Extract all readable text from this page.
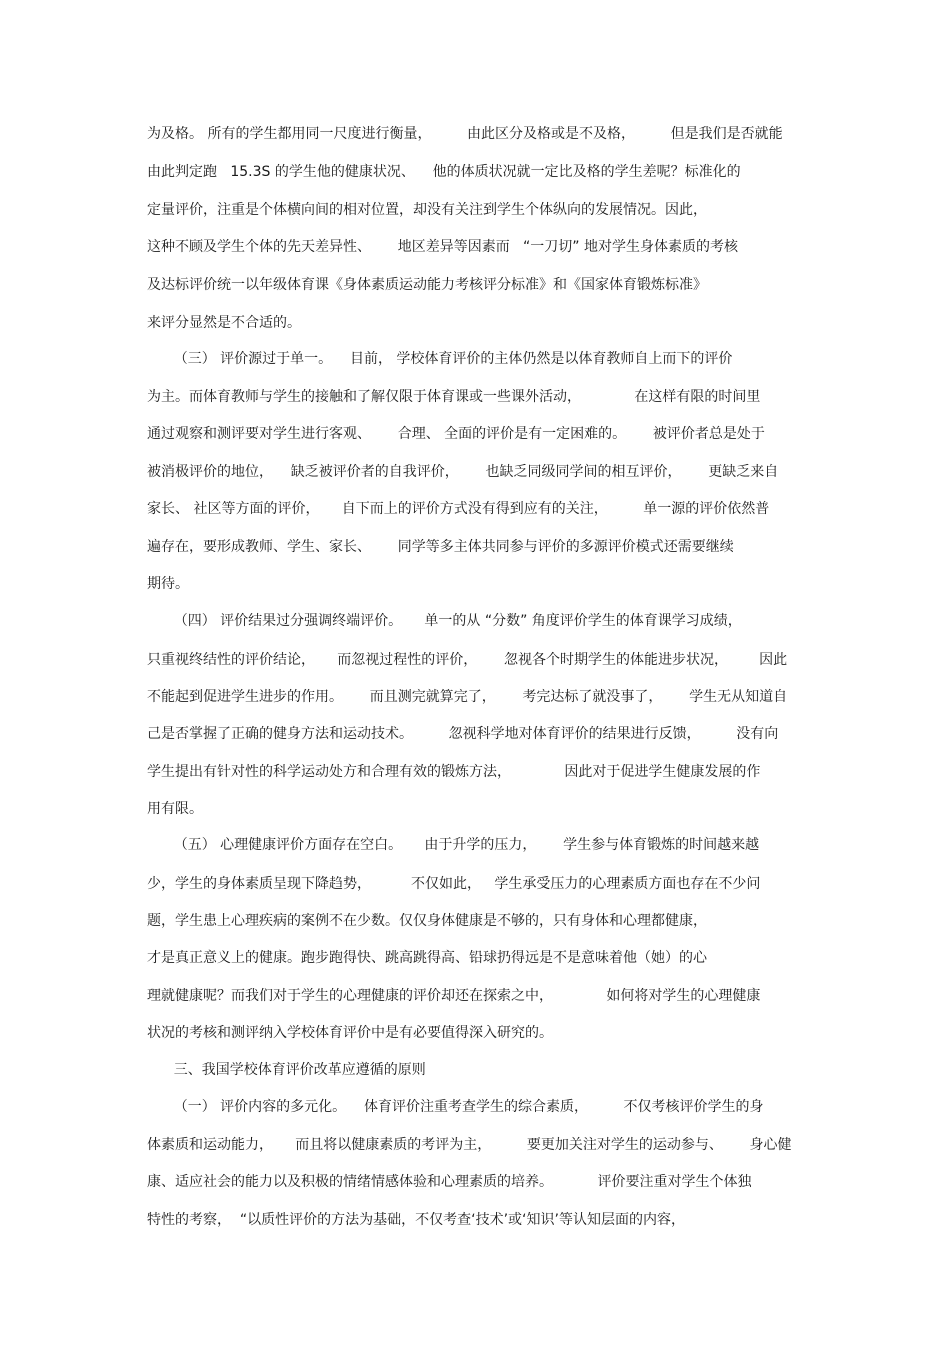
为及格。 所有的学生都用同一尺度进行衡量，        由此区分及格或是不及格，        但是我们是否就能
由此判定跑   15.3S 的学生他的健康状况、    他的体质状况就一定比及格的学生差呢？标准化的
定量评价，注重是个体横向间的相对位置，却没有关注到学生个体纵向的发展情况。因此，
这种不顾及学生个体的先天差异性、      地区差异等因素而   “一刀切” 地对学生身体素质的考核
及达标评价统一以年级体育课《身体素质运动能力考核评分标准》和《国家体育锻炼标准》
来评分显然是不合适的。
（三） 评价源过于单一。    目前， 学校体育评价的主体仍然是以体育教师自上而下的评价
为主。而体育教师与学生的接触和了解仅限于体育课或一些课外活动，            在这样有限的时间里
通过观察和测评要对学生进行客观、      合理、 全面的评价是有一定困难的。      被评价者总是处于
被消极评价的地位，    缺乏被评价者的自我评价，      也缺乏同级同学间的相互评价，      更缺乏来自
家长、 社区等方面的评价，     自下而上的评价方式没有得到应有的关注，        单一源的评价依然普
遍存在，要形成教师、学生、家长、      同学等多主体共同参与评价的多源评价模式还需要继续
期待。
（四） 评价结果过分强调终端评价。     单一的从 “分数” 角度评价学生的体育课学习成绩，
只重视终结性的评价结论，     而忽视过程性的评价，      忽视各个时期学生的体能进步状况，       因此
不能起到促进学生进步的作用。      而且测完就算完了，      考完达标了就没事了，      学生无从知道自
己是否掌握了正确的健身方法和运动技术。        忽视科学地对体育评价的结果进行反馈，        没有向
学生提出有针对性的科学运动处方和合理有效的锻炼方法，            因此对于促进学生健康发展的作
用有限。
（五） 心理健康评价方面存在空白。     由于升学的压力，      学生参与体育锻炼的时间越来越
少，学生的身体素质呈现下降趋势，         不仅如此，   学生承受压力的心理素质方面也存在不少问
题，学生患上心理疾病的案例不在少数。仅仅身体健康是不够的，只有身体和心理都健康，
才是真正意义上的健康。跑步跑得快、跳高跳得高、铅球扔得远是不是意味着他（她）的心
理就健康呢？而我们对于学生的心理健康的评价却还在探索之中，            如何将对学生的心理健康
状况的考核和测评纳入学校体育评价中是有必要值得深入研究的。
三、我国学校体育评价改革应遵循的原则
（一） 评价内容的多元化。    体育评价注重考查学生的综合素质，        不仅考核评价学生的身
体素质和运动能力，     而且将以健康素质的考评为主，        要更加关注对学生的运动参与、      身心健
康、适应社会的能力以及积极的情绪情感体验和心理素质的培养。          评价要注重对学生个体独
特性的考察，  “以质性评价的方法为基础，不仅考查‘技术’或‘知识’等认知层面的内容，
